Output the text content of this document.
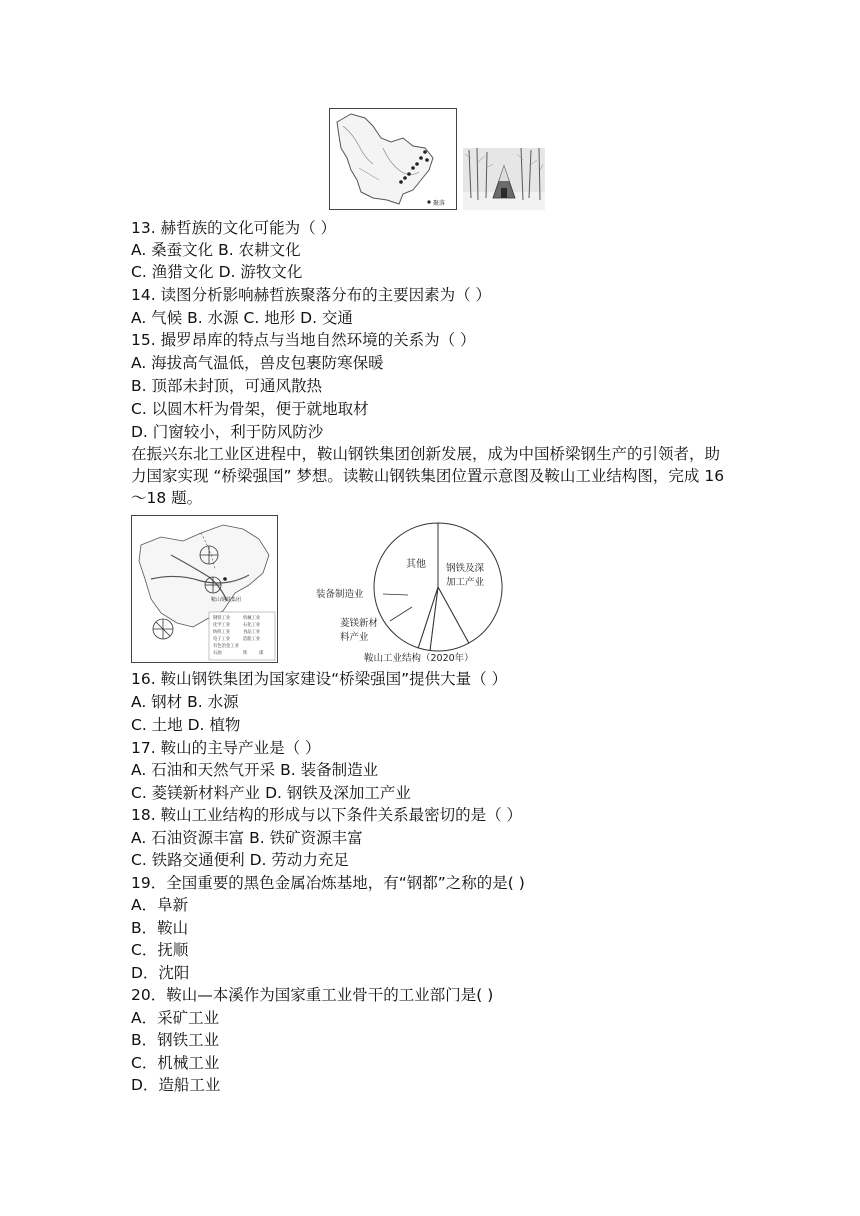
聚落
13. 赫哲族的文化可能为（ ）
A. 桑蚕文化 B. 农耕文化
C. 渔猎文化 D. 游牧文化
14. 读图分析影响赫哲族聚落分布的主要因素为（ ）
A. 气候 B. 水源 C. 地形 D. 交通
15. 撮罗昂库的特点与当地自然环境的关系为（ ）
A. 海拔高气温低，兽皮包裹防寒保暖
B. 顶部未封顶，可通风散热
C. 以圆木杆为骨架，便于就地取材
D. 门窗较小，利于防风防沙
在振兴东北工业区进程中，鞍山钢铁集团创新发展，成为中国桥梁钢生产的引领者，助力国家实现 “桥梁强国” 梦想。读鞍山钢铁集团位置示意图及鞍山工业结构图，完成 16～18 题。
鞍山钢铁集团
钢铁工业	机械工业
化学工业	石化工业
纺织工业	食品工业
电子工业	造船工业
有色冶金工业
石油	铁	煤
其他 钢铁及深
加工产业
装备制造业
菱镁新材
料产业
鞍山工业结构（2020年）
16. 鞍山钢铁集团为国家建设“桥梁强国”提供大量（ ）
A. 钢材 B. 水源
C. 土地 D. 植物
17. 鞍山的主导产业是（ ）
A. 石油和天然气开采 B. 装备制造业
C. 菱镁新材料产业 D. 钢铁及深加工产业
18. 鞍山工业结构的形成与以下条件关系最密切的是（ ）
A. 石油资源丰富 B. 铁矿资源丰富
C. 铁路交通便利 D. 劳动力充足
19．全国重要的黑色金属冶炼基地，有“钢都”之称的是( )
A．阜新
B．鞍山
C．抚顺
D．沈阳
20．鞍山—本溪作为国家重工业骨干的工业部门是( )
A．采矿工业
B．钢铁工业
C．机械工业
D．造船工业
